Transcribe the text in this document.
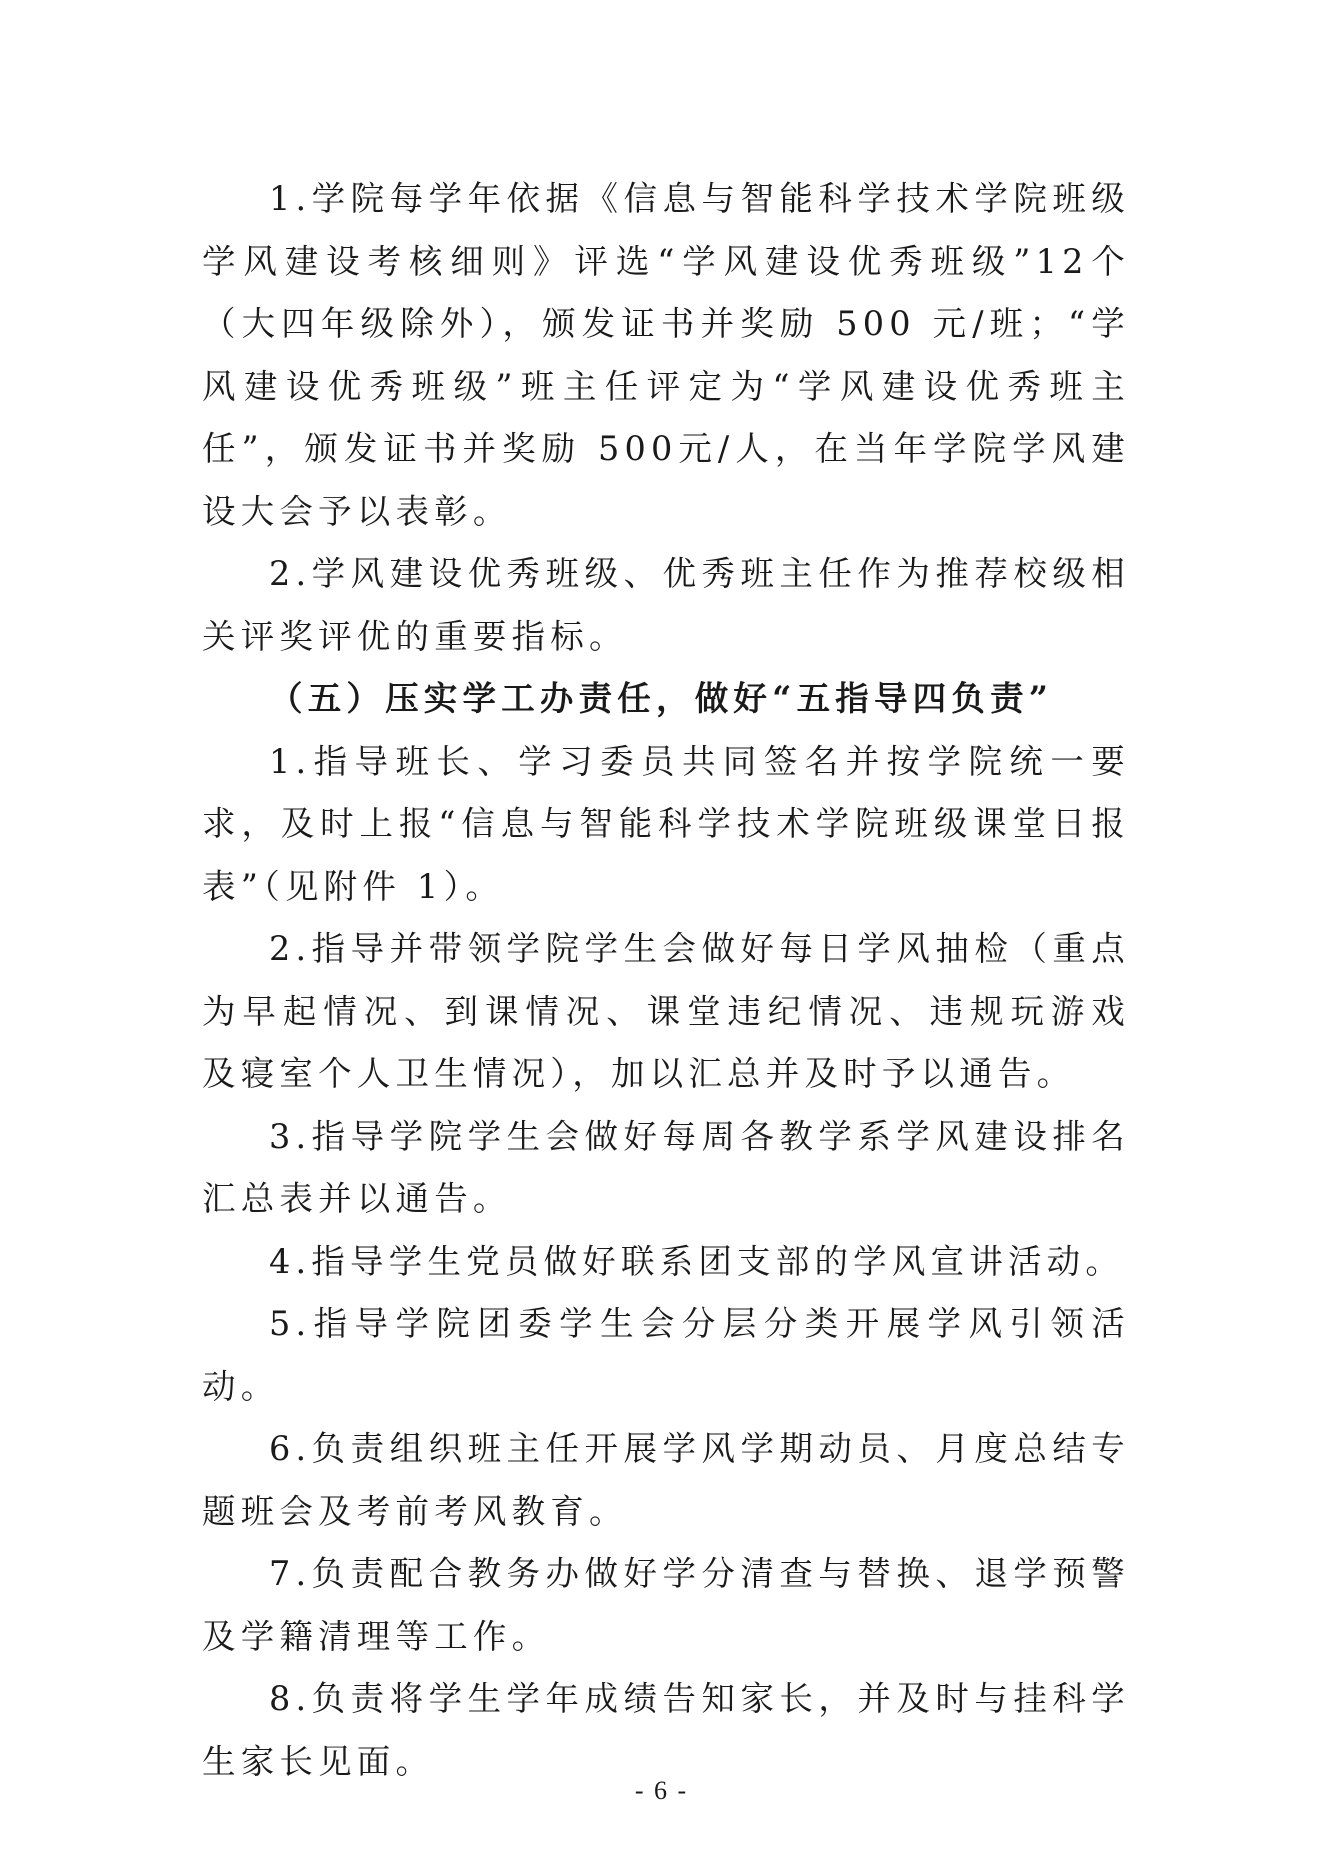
1.学院每学年依据《信息与智能科学技术学院班级学风建设考核细则》评选“学风建设优秀班级”12个（大四年级除外），颁发证书并奖励 500 元/班；“学风建设优秀班级”班主任评定为“学风建设优秀班主任”，颁发证书并奖励 500元/人，在当年学院学风建设大会予以表彰。

2.学风建设优秀班级、优秀班主任作为推荐校级相关评奖评优的重要指标。

（五）压实学工办责任，做好“五指导四负责”

1.指导班长、学习委员共同签名并按学院统一要求，及时上报“信息与智能科学技术学院班级课堂日报表”（见附件 1）。

2.指导并带领学院学生会做好每日学风抽检（重点为早起情况、到课情况、课堂违纪情况、违规玩游戏及寝室个人卫生情况），加以汇总并及时予以通告。

3.指导学院学生会做好每周各教学系学风建设排名汇总表并以通告。

4.指导学生党员做好联系团支部的学风宣讲活动。

5.指导学院团委学生会分层分类开展学风引领活动。

6.负责组织班主任开展学风学期动员、月度总结专题班会及考前考风教育。

7.负责配合教务办做好学分清查与替换、退学预警及学籍清理等工作。

8.负责将学生学年成绩告知家长，并及时与挂科学生家长见面。

- 6 -
